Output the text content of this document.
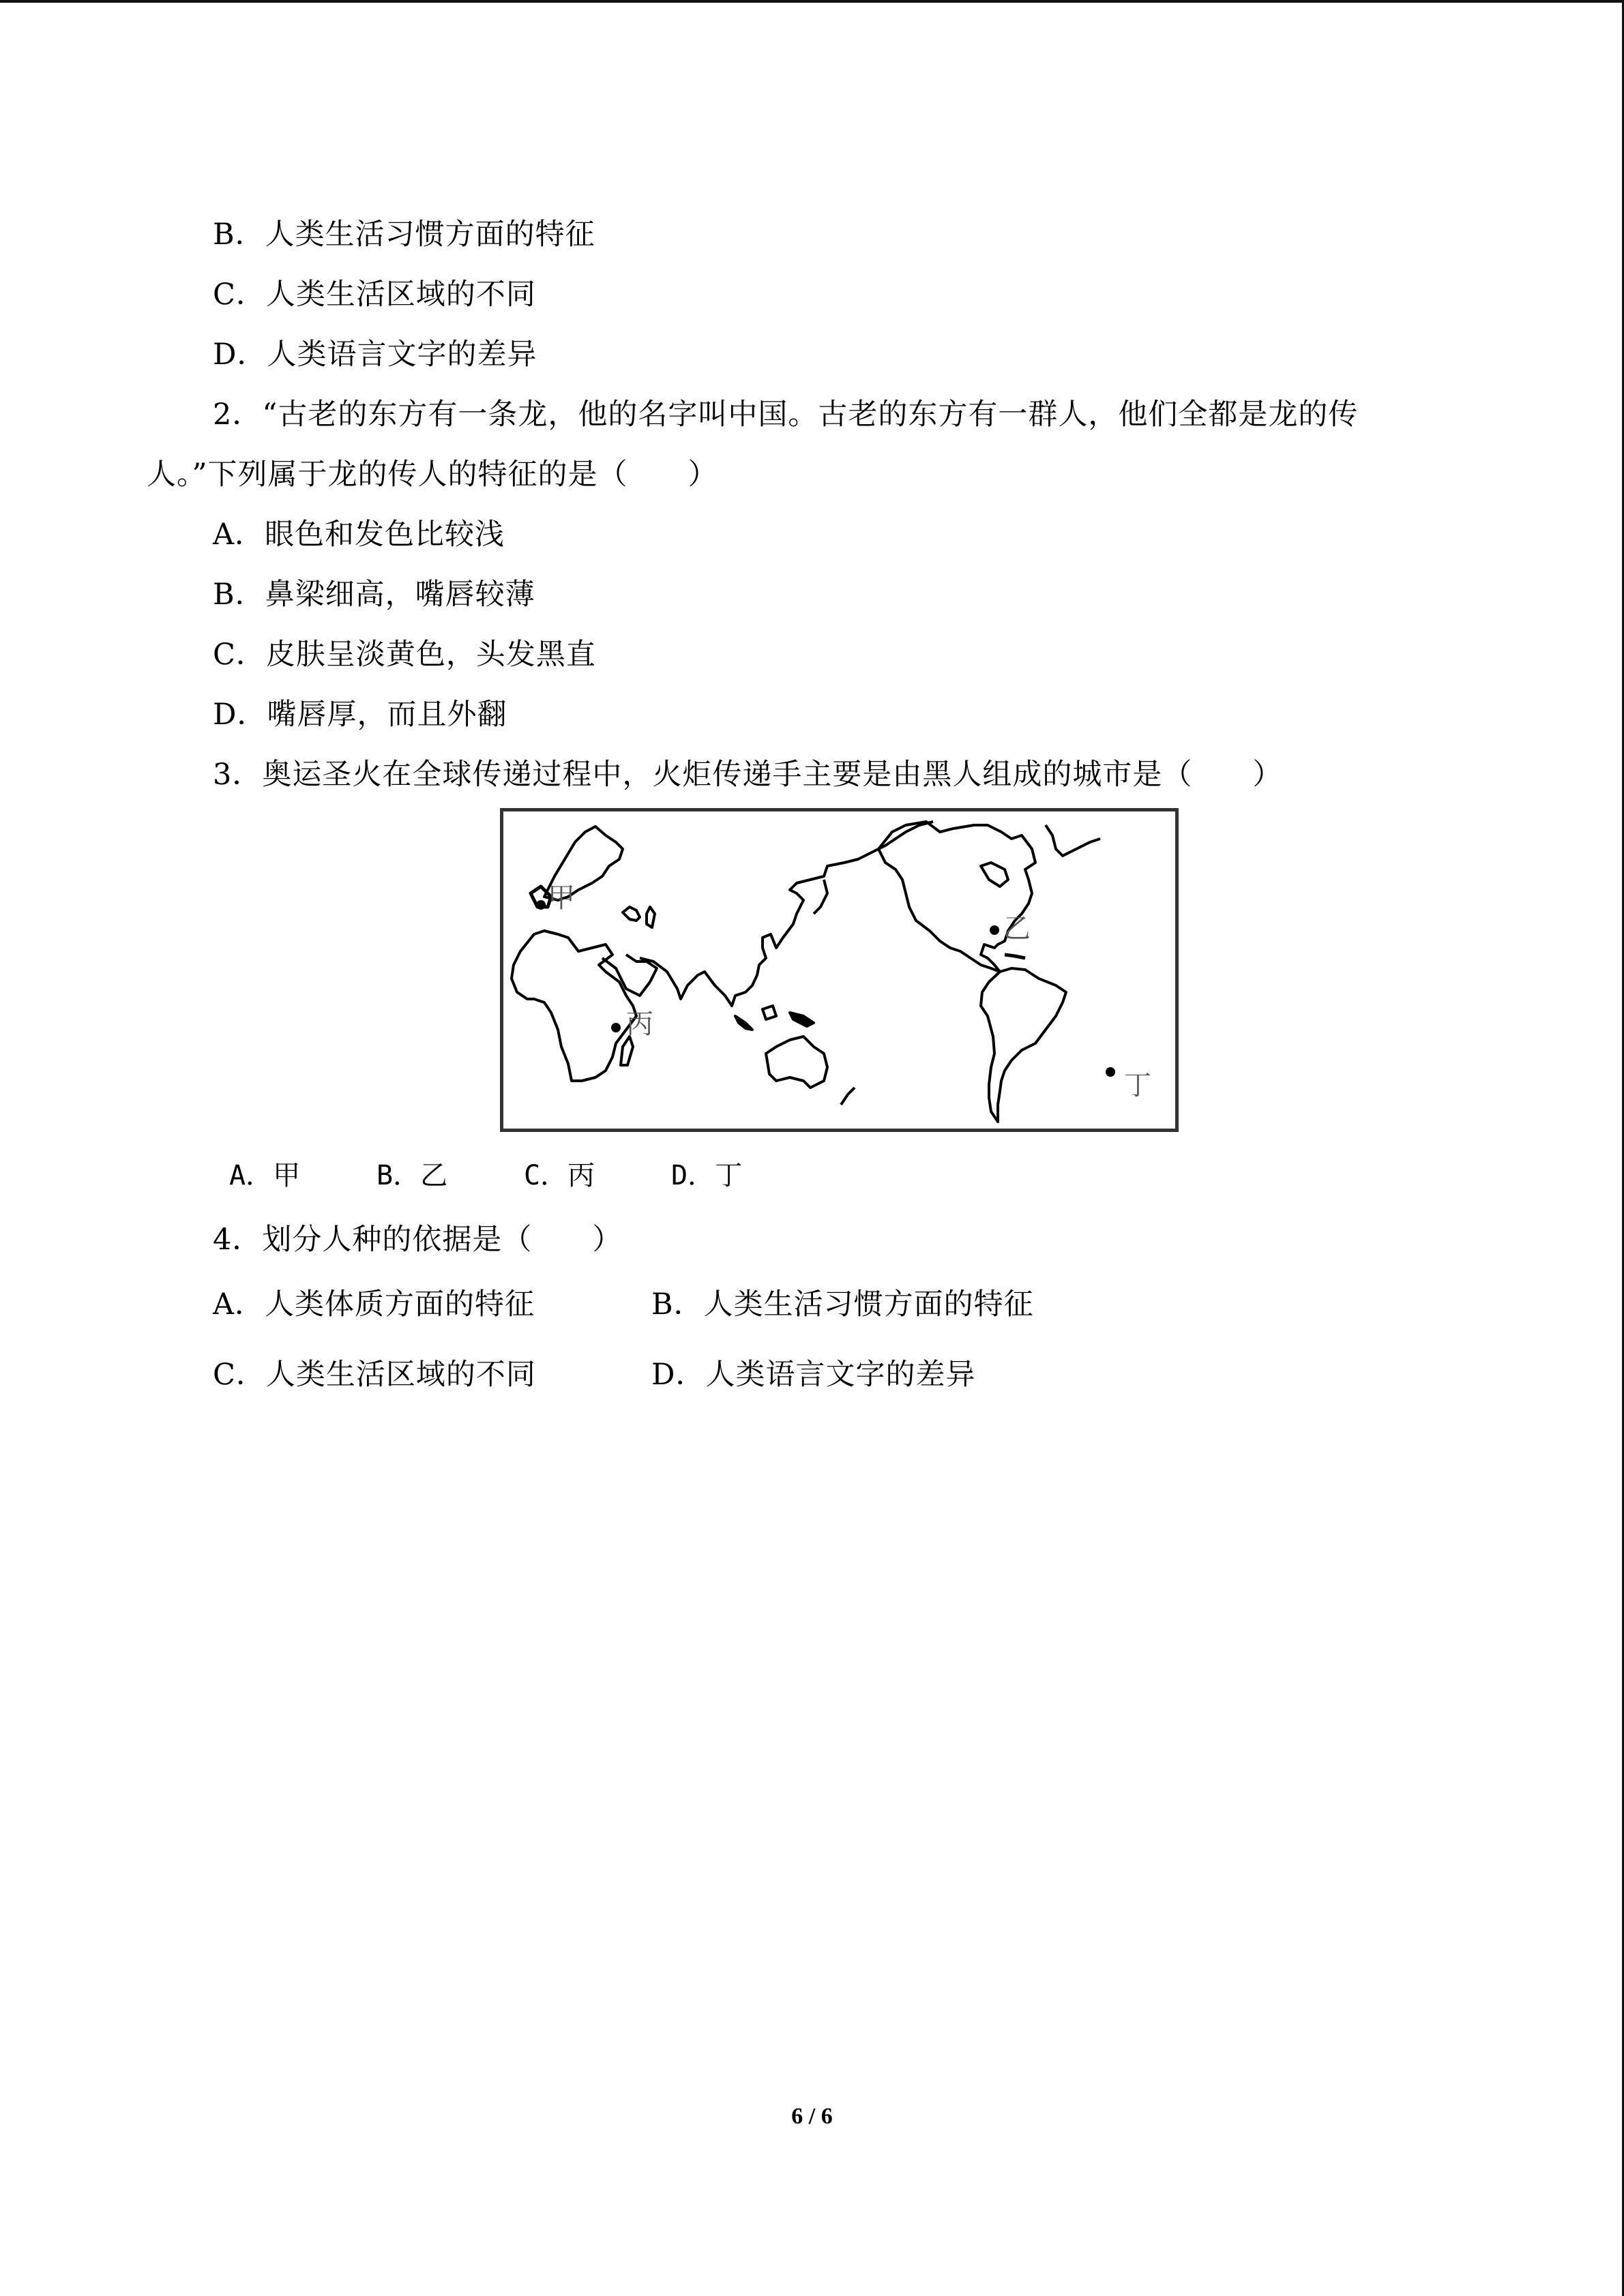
B．人类生活习惯方面的特征
C．人类生活区域的不同
D．人类语言文字的差异
2．“古老的东方有一条龙，他的名字叫中国。古老的东方有一群人，他们全都是龙的传
人。”下列属于龙的传人的特征的是（　　）
A．眼色和发色比较浅
B．鼻梁细高，嘴唇较薄
C．皮肤呈淡黄色，头发黑直
D．嘴唇厚，而且外翻
3．奥运圣火在全球传递过程中，火炬传递手主要是由黑人组成的城市是（　　）
甲
丙
乙
丁
A．甲	B．乙	C．丙	D．丁
4．划分人种的依据是（　　）
A．人类体质方面的特征	B．人类生活习惯方面的特征
C．人类生活区域的不同	D．人类语言文字的差异
6 / 6
